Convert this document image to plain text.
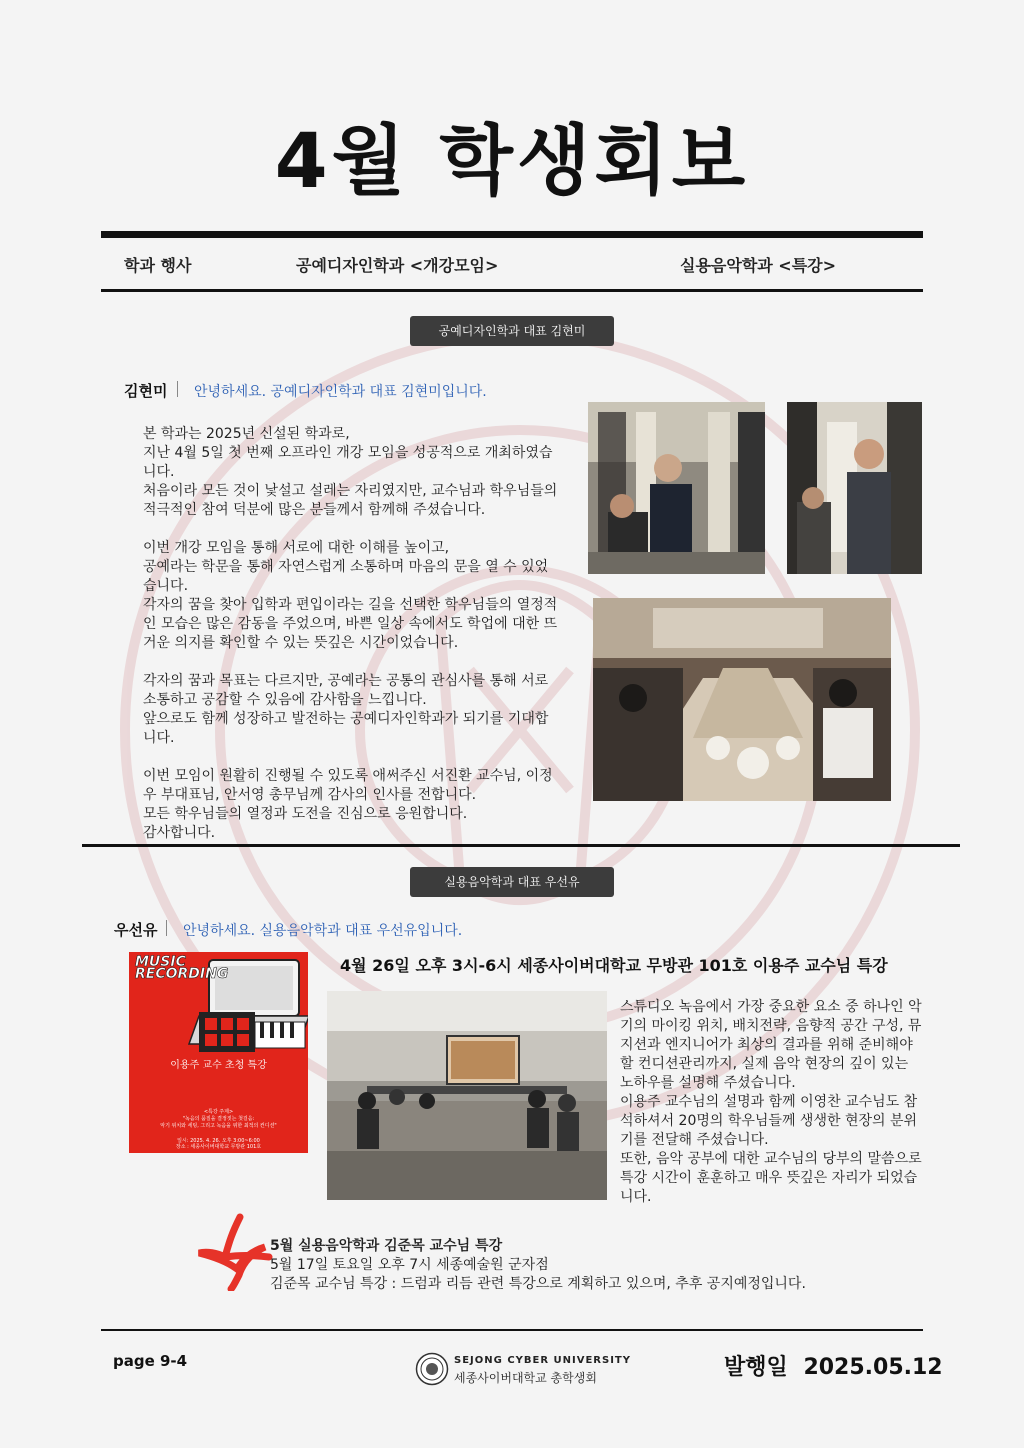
4월 학생회보
학과 행사	공예디자인학과 <개강모임>	실용음악학과 <특강>
공예디자인학과 대표 김현미
김현미 안녕하세요. 공예디자인학과 대표 김현미입니다.

본 학과는 2025년 신설된 학과로,

지난 4월 5일 첫 번째 오프라인 개강 모임을 성공적으로 개최하였습

니다.

처음이라 모든 것이 낯설고 설레는 자리였지만, 교수님과 학우님들의

적극적인 참여 덕분에 많은 분들께서 함께해 주셨습니다.

이번 개강 모임을 통해 서로에 대한 이해를 높이고,

공예라는 학문을 통해 자연스럽게 소통하며 마음의 문을 열 수 있었

습니다.

각자의 꿈을 찾아 입학과 편입이라는 길을 선택한 학우님들의 열정적

인 모습은 많은 감동을 주었으며, 바쁜 일상 속에서도 학업에 대한 뜨

거운 의지를 확인할 수 있는 뜻깊은 시간이었습니다.

각자의 꿈과 목표는 다르지만, 공예라는 공통의 관심사를 통해 서로

소통하고 공감할 수 있음에 감사함을 느낍니다.

앞으로도 함께 성장하고 발전하는 공예디자인학과가 되기를 기대합

니다.

이번 모임이 원활히 진행될 수 있도록 애써주신 서진환 교수님, 이정

우 부대표님, 안서영 총무님께 감사의 인사를 전합니다.

모든 학우님들의 열정과 도전을 진심으로 응원합니다.

감사합니다.

실용음악학과 대표 우선유
우선유 안녕하세요. 실용음악학과 대표 우선유입니다.
MUSIC
RECORDING
이용주 교수 초청 특강
<특강 주제>
"녹음의 품질을 결정짓는 첫걸음:
악기 위치와 세팅, 그리고 녹음을 위한 최적의 컨디션"
일시: 2025. 4. 26. 오후 3:00~6:00
장소 : 세종사이버대학교 무방관 101호
4월 26일 오후 3시-6시 세종사이버대학교 무방관 101호 이용주 교수님 특강

스튜디오 녹음에서 가장 중요한 요소 중 하나인 악

기의 마이킹 위치, 배치전략, 음향적 공간 구성, 뮤

지션과 엔지니어가 최상의 결과를 위해 준비해야

할 컨디션관리까지, 실제 음악 현장의 깊이 있는

노하우를 설명해 주셨습니다.

이용주 교수님의 설명과 함께 이영찬 교수님도 참

석하셔서 20명의 학우님들께 생생한 현장의 분위

기를 전달해 주셨습니다.

또한, 음악 공부에 대한 교수님의 당부의 말씀으로

특강 시간이 훈훈하고 매우 뜻깊은 자리가 되었습

니다.

5월 실용음악학과 김준목 교수님 특강
5월 17일 토요일 오후 7시 세종예술원 군자점
김준목 교수님 특강 : 드럼과 리듬 관련 특강으로 계획하고 있으며, 추후 공지예정입니다.
page 9-4	SEJONG CYBER UNIVERSITY
세종사이버대학교 총학생회	발행일 2025.05.12
